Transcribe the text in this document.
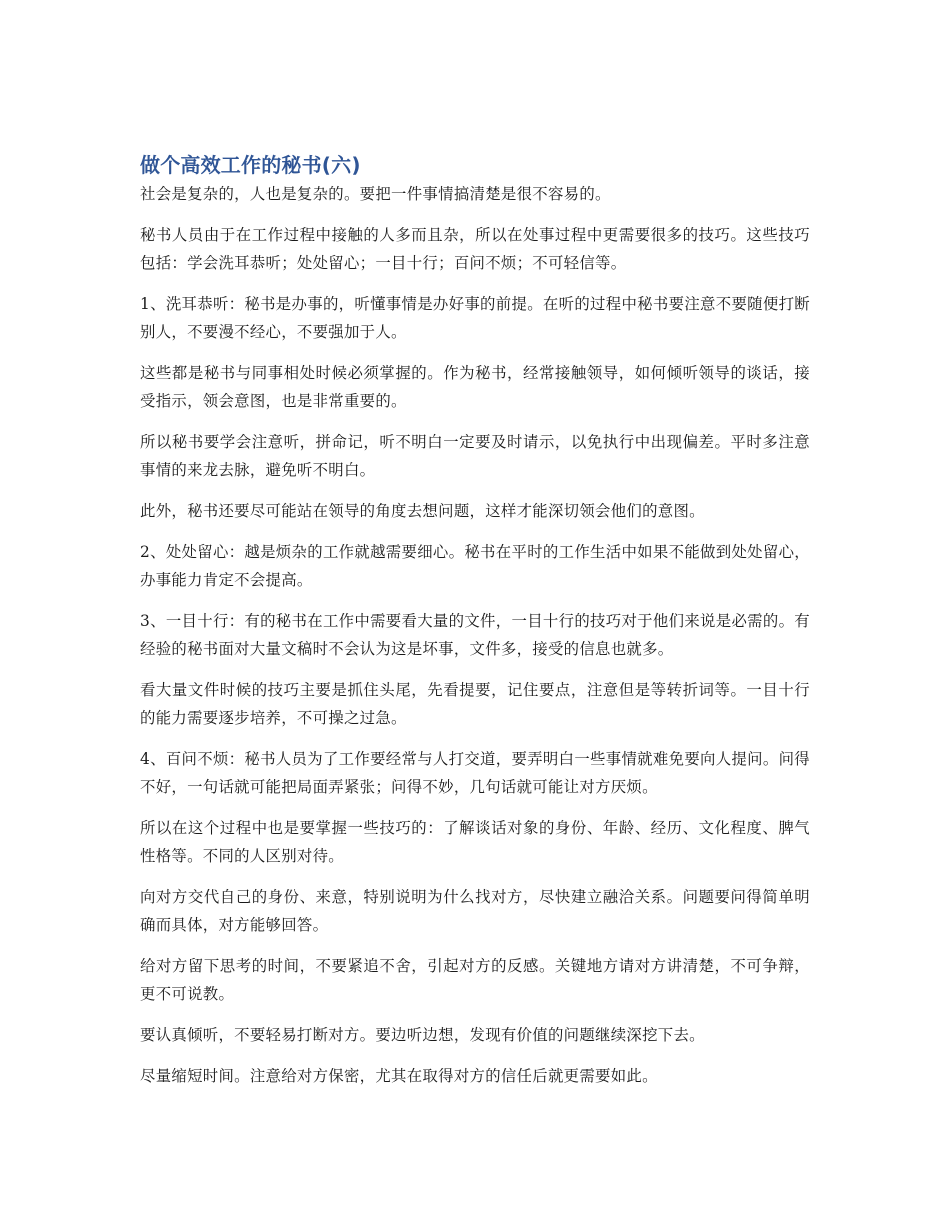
做个高效工作的秘书(六)

社会是复杂的，人也是复杂的。要把一件事情搞清楚是很不容易的。

秘书人员由于在工作过程中接触的人多而且杂，所以在处事过程中更需要很多的技巧。这些技巧包括：学会洗耳恭听；处处留心；一目十行；百问不烦；不可轻信等。

1、洗耳恭听：秘书是办事的，听懂事情是办好事的前提。在听的过程中秘书要注意不要随便打断别人，不要漫不经心，不要强加于人。

这些都是秘书与同事相处时候必须掌握的。作为秘书，经常接触领导，如何倾听领导的谈话，接受指示，领会意图，也是非常重要的。

所以秘书要学会注意听，拼命记，听不明白一定要及时请示，以免执行中出现偏差。平时多注意事情的来龙去脉，避免听不明白。

此外，秘书还要尽可能站在领导的角度去想问题，这样才能深切领会他们的意图。

2、处处留心：越是烦杂的工作就越需要细心。秘书在平时的工作生活中如果不能做到处处留心，办事能力肯定不会提高。

3、一目十行：有的秘书在工作中需要看大量的文件，一目十行的技巧对于他们来说是必需的。有经验的秘书面对大量文稿时不会认为这是坏事，文件多，接受的信息也就多。

看大量文件时候的技巧主要是抓住头尾，先看提要，记住要点，注意但是等转折词等。一目十行的能力需要逐步培养，不可操之过急。

4、百问不烦：秘书人员为了工作要经常与人打交道，要弄明白一些事情就难免要向人提问。问得不好，一句话就可能把局面弄紧张；问得不妙，几句话就可能让对方厌烦。

所以在这个过程中也是要掌握一些技巧的：了解谈话对象的身份、年龄、经历、文化程度、脾气性格等。不同的人区别对待。

向对方交代自己的身份、来意，特别说明为什么找对方，尽快建立融洽关系。问题要问得简单明确而具体，对方能够回答。

给对方留下思考的时间，不要紧追不舍，引起对方的反感。关键地方请对方讲清楚，不可争辩，更不可说教。

要认真倾听，不要轻易打断对方。要边听边想，发现有价值的问题继续深挖下去。

尽量缩短时间。注意给对方保密，尤其在取得对方的信任后就更需要如此。
